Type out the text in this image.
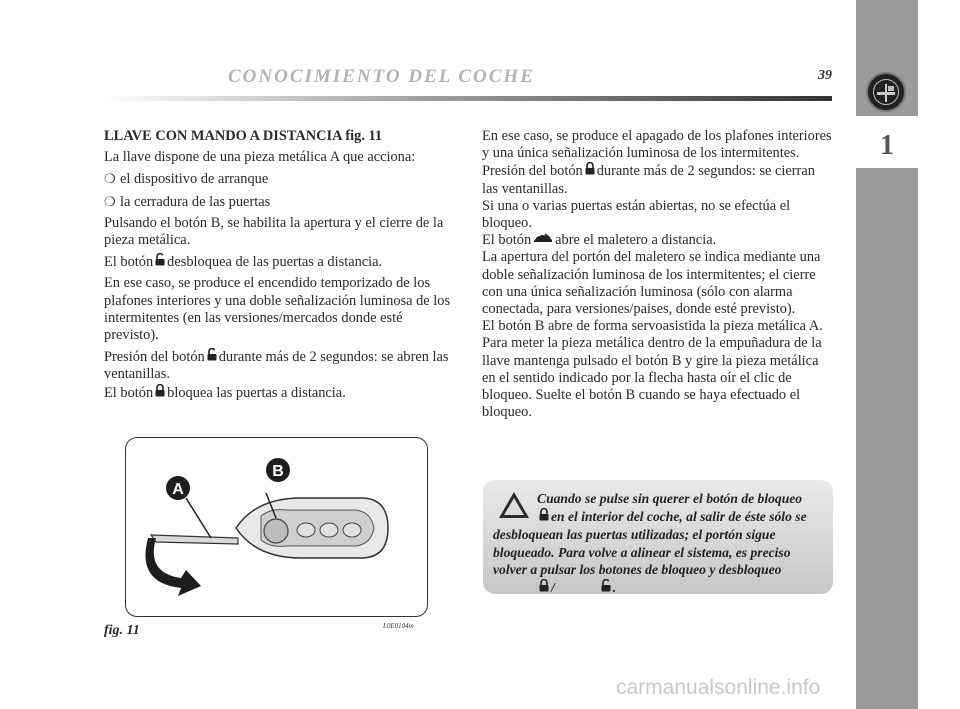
1
CONOCIMIENTO DEL COCHE	39
LLAVE CON MANDO A DISTANCIA fig. 11

La llave dispone de una pieza metálica A que acciona:

❍ el dispositivo de arranque
❍ la cerradura de las puertas

Pulsando el botón B, se habilita la apertura y el cierre de la pieza metálica.

El botón desbloquea de las puertas a distancia.

En ese caso, se produce el encendido temporizado de los plafones interiores y una doble señalización luminosa de los intermitentes (en las versiones/mercados donde esté previsto).

Presión del botón durante más de 2 segundos: se abren las ventanillas.

El botón bloquea las puertas a distancia.

A
B
fig. 11	L0E0104m

En ese caso, se produce el apagado de los plafones interiores y una única señalización luminosa de los intermitentes.

Presión del botón durante más de 2 segundos: se cierran las ventanillas.

Si una o varias puertas están abiertas, no se efectúa el bloqueo.

El botón abre el maletero a distancia.

La apertura del portón del maletero se indica mediante una doble señalización luminosa de los intermitentes; el cierre con una única señalización luminosa (sólo con alarma conectada, para versiones/paises, donde esté previsto).

El botón B abre de forma servoasistida la pieza metálica A.

Para meter la pieza metálica dentro de la empuñadura de la llave mantenga pulsado el botón B y gire la pieza metálica en el sentido indicado por la flecha hasta oír el clic de bloqueo. Suelte el botón B cuando se haya efectuado el bloqueo.

Cuando se pulse sin querer el botón de bloqueoen el interior del coche, al salir de éste sólo se desbloquean las puertas utilizadas; el portón sigue bloqueado. Para volve a alinear el sistema, es preciso volver a pulsar los botones de bloqueo y desbloqueo/	.
carmanualsonline.info
